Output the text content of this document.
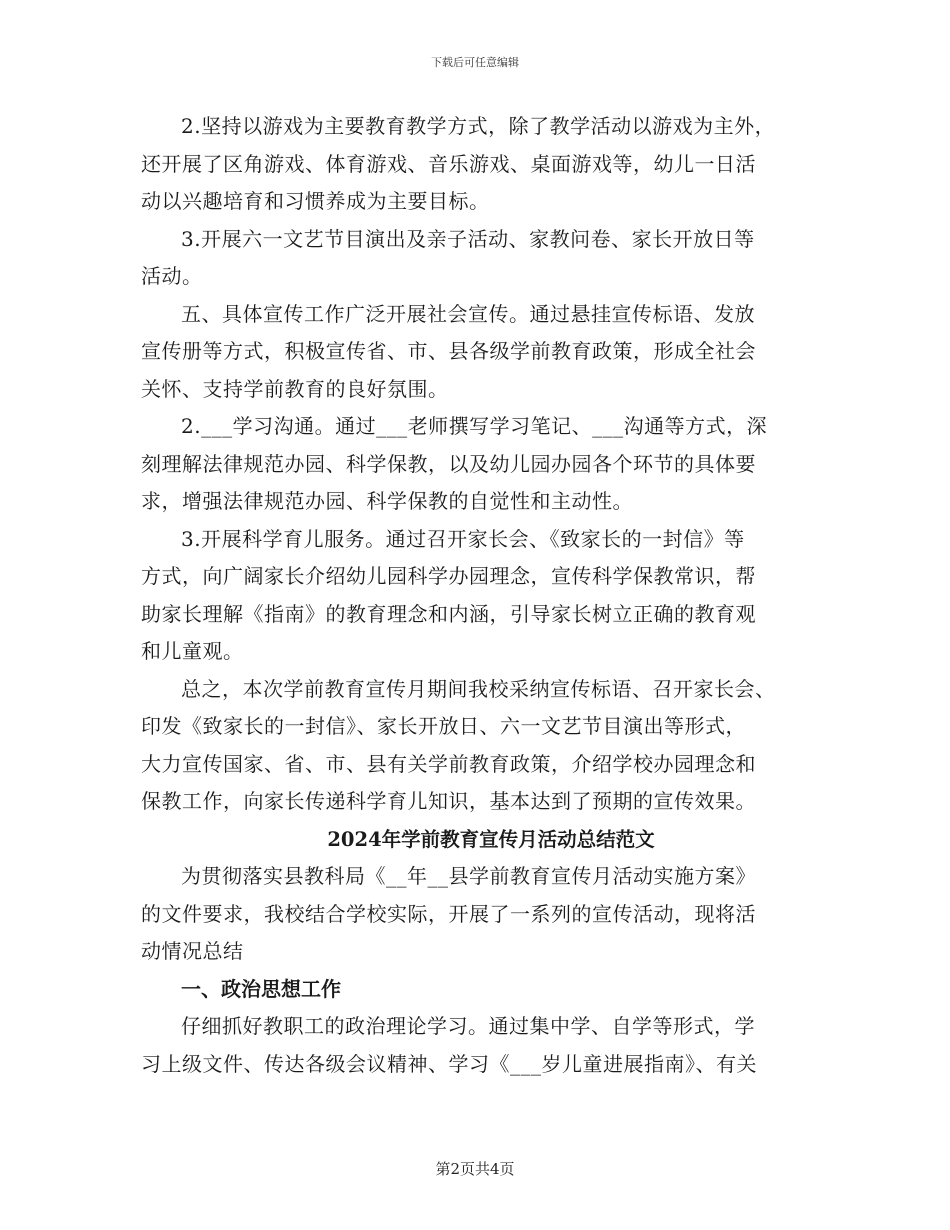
下载后可任意编辑
2.坚持以游戏为主要教育教学方式，除了教学活动以游戏为主外，
还开展了区角游戏、体育游戏、音乐游戏、桌面游戏等，幼儿一日活
动以兴趣培育和习惯养成为主要目标。
3.开展六一文艺节目演出及亲子活动、家教问卷、家长开放日等
活动。
五、具体宣传工作广泛开展社会宣传。通过悬挂宣传标语、发放
宣传册等方式，积极宣传省、市、县各级学前教育政策，形成全社会
关怀、支持学前教育的良好氛围。
2.___学习沟通。通过___老师撰写学习笔记、___沟通等方式，深
刻理解法律规范办园、科学保教，以及幼儿园办园各个环节的具体要
求，增强法律规范办园、科学保教的自觉性和主动性。
3.开展科学育儿服务。通过召开家长会、《致家长的一封信》等
方式，向广阔家长介绍幼儿园科学办园理念，宣传科学保教常识，帮
助家长理解《指南》的教育理念和内涵，引导家长树立正确的教育观
和儿童观。
总之，本次学前教育宣传月期间我校采纳宣传标语、召开家长会、
印发《致家长的一封信》、家长开放日、六一文艺节目演出等形式，
大力宣传国家、省、市、县有关学前教育政策，介绍学校办园理念和
保教工作，向家长传递科学育儿知识，基本达到了预期的宣传效果。
2024年学前教育宣传月活动总结范文
为贯彻落实县教科局《__年__县学前教育宣传月活动实施方案》
的文件要求，我校结合学校实际，开展了一系列的宣传活动，现将活
动情况总结
一、政治思想工作
仔细抓好教职工的政治理论学习。通过集中学、自学等形式，学
习上级文件、传达各级会议精神、学习《___岁儿童进展指南》、有关
第2页共4页
